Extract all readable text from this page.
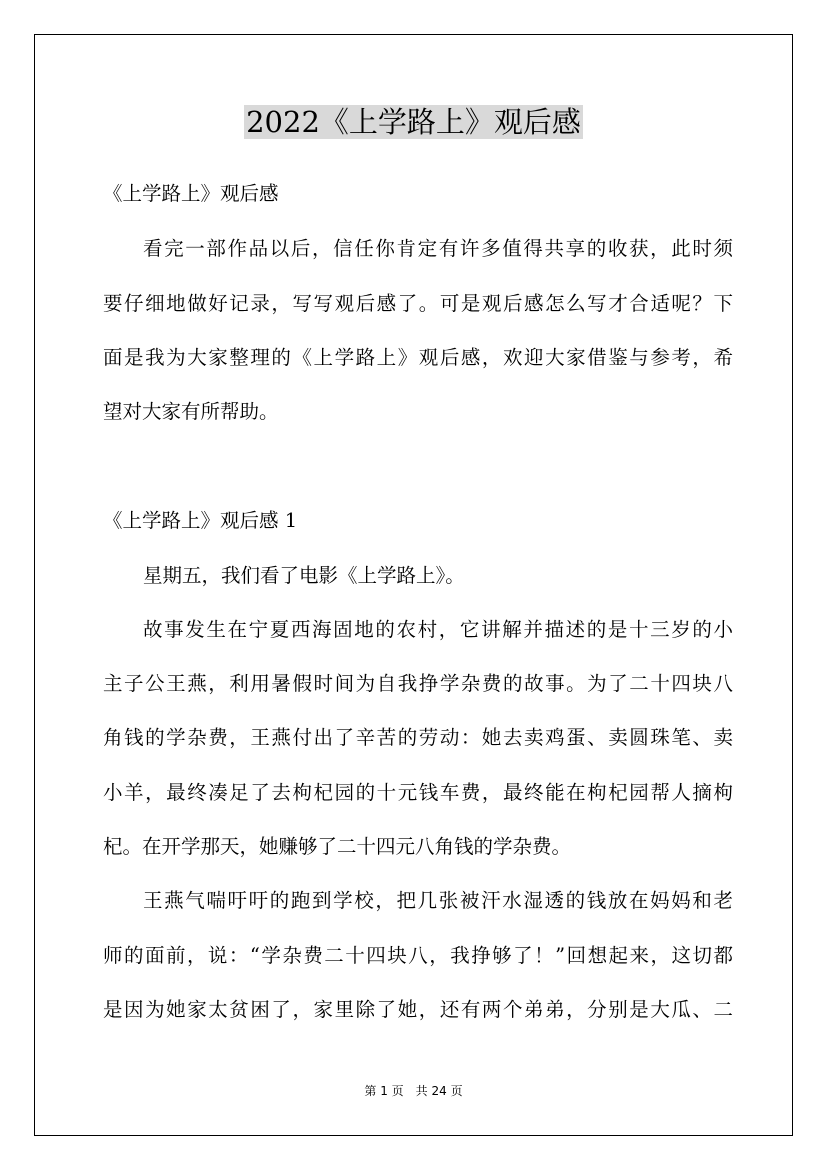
2022《上学路上》观后感
《上学路上》观后感
看完一部作品以后，信任你肯定有许多值得共享的收获，此时须
要仔细地做好记录，写写观后感了。可是观后感怎么写才合适呢？下
面是我为大家整理的《上学路上》观后感，欢迎大家借鉴与参考，希
望对大家有所帮助。
《上学路上》观后感 1
星期五，我们看了电影《上学路上》。
故事发生在宁夏西海固地的农村，它讲解并描述的是十三岁的小
主子公王燕，利用暑假时间为自我挣学杂费的故事。为了二十四块八
角钱的学杂费，王燕付出了辛苦的劳动：她去卖鸡蛋、卖圆珠笔、卖
小羊，最终凑足了去枸杞园的十元钱车费，最终能在枸杞园帮人摘枸
杞。在开学那天，她赚够了二十四元八角钱的学杂费。
王燕气喘吁吁的跑到学校，把几张被汗水湿透的钱放在妈妈和老
师的面前，说：“学杂费二十四块八，我挣够了！”回想起来，这切都
是因为她家太贫困了，家里除了她，还有两个弟弟，分别是大瓜、二
第 1 页　共 24 页
